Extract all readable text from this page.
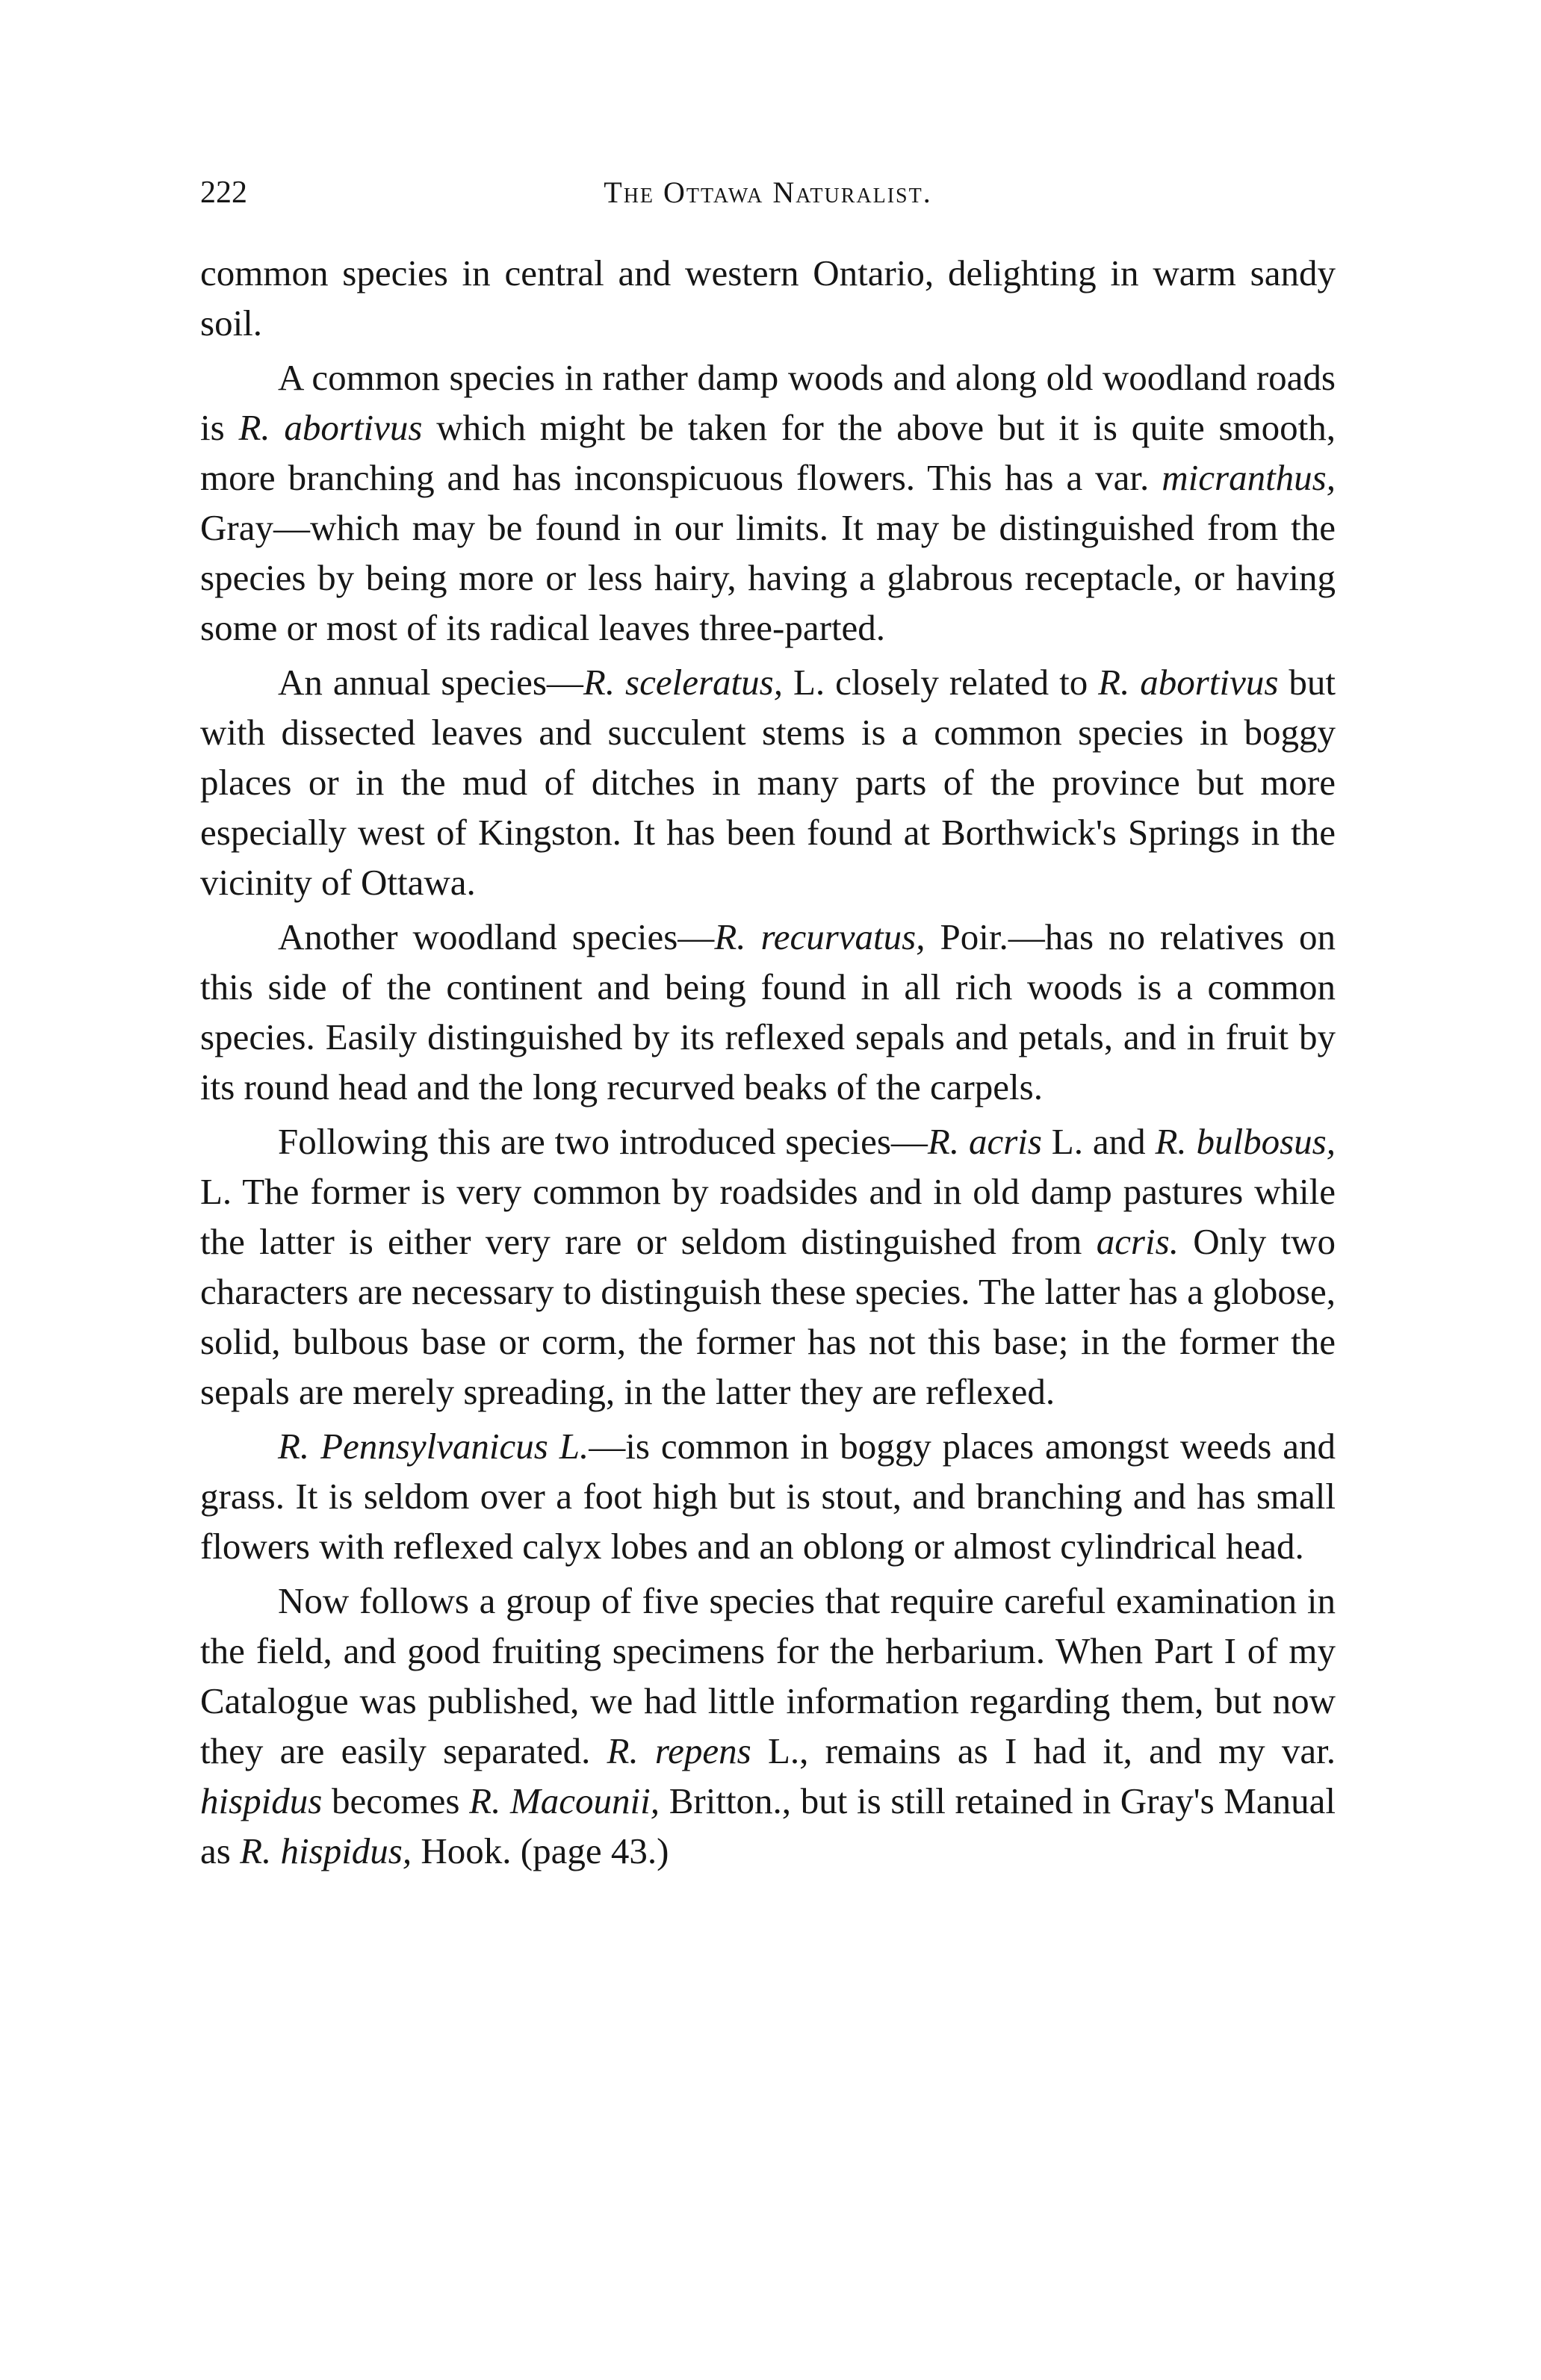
222	The Ottawa Naturalist.

common species in central and western Ontario, delighting in warm sandy soil.

A common species in rather damp woods and along old woodland roads is R. abortivus which might be taken for the above but it is quite smooth, more branching and has inconspicuous flowers. This has a var. micranthus, Gray—which may be found in our limits. It may be distinguished from the species by being more or less hairy, having a glabrous receptacle, or having some or most of its radical leaves three-parted.

An annual species—R. sceleratus, L. closely related to R. abortivus but with dissected leaves and succulent stems is a common species in boggy places or in the mud of ditches in many parts of the province but more especially west of Kingston. It has been found at Borthwick's Springs in the vicinity of Ottawa.

Another woodland species—R. recurvatus, Poir.—has no relatives on this side of the continent and being found in all rich woods is a common species. Easily distinguished by its reflexed sepals and petals, and in fruit by its round head and the long recurved beaks of the carpels.

Following this are two introduced species—R. acris L. and R. bulbosus, L. The former is very common by roadsides and in old damp pastures while the latter is either very rare or seldom distinguished from acris. Only two characters are necessary to distinguish these species. The latter has a globose, solid, bulbous base or corm, the former has not this base; in the former the sepals are merely spreading, in the latter they are reflexed.

R. Pennsylvanicus L.—is common in boggy places amongst weeds and grass. It is seldom over a foot high but is stout, and branching and has small flowers with reflexed calyx lobes and an oblong or almost cylindrical head.

Now follows a group of five species that require careful examination in the field, and good fruiting specimens for the herbarium. When Part I of my Catalogue was published, we had little information regarding them, but now they are easily separated. R. repens L., remains as I had it, and my var. hispidus becomes R. Macounii, Britton., but is still retained in Gray's Manual as R. hispidus, Hook. (page 43.)
